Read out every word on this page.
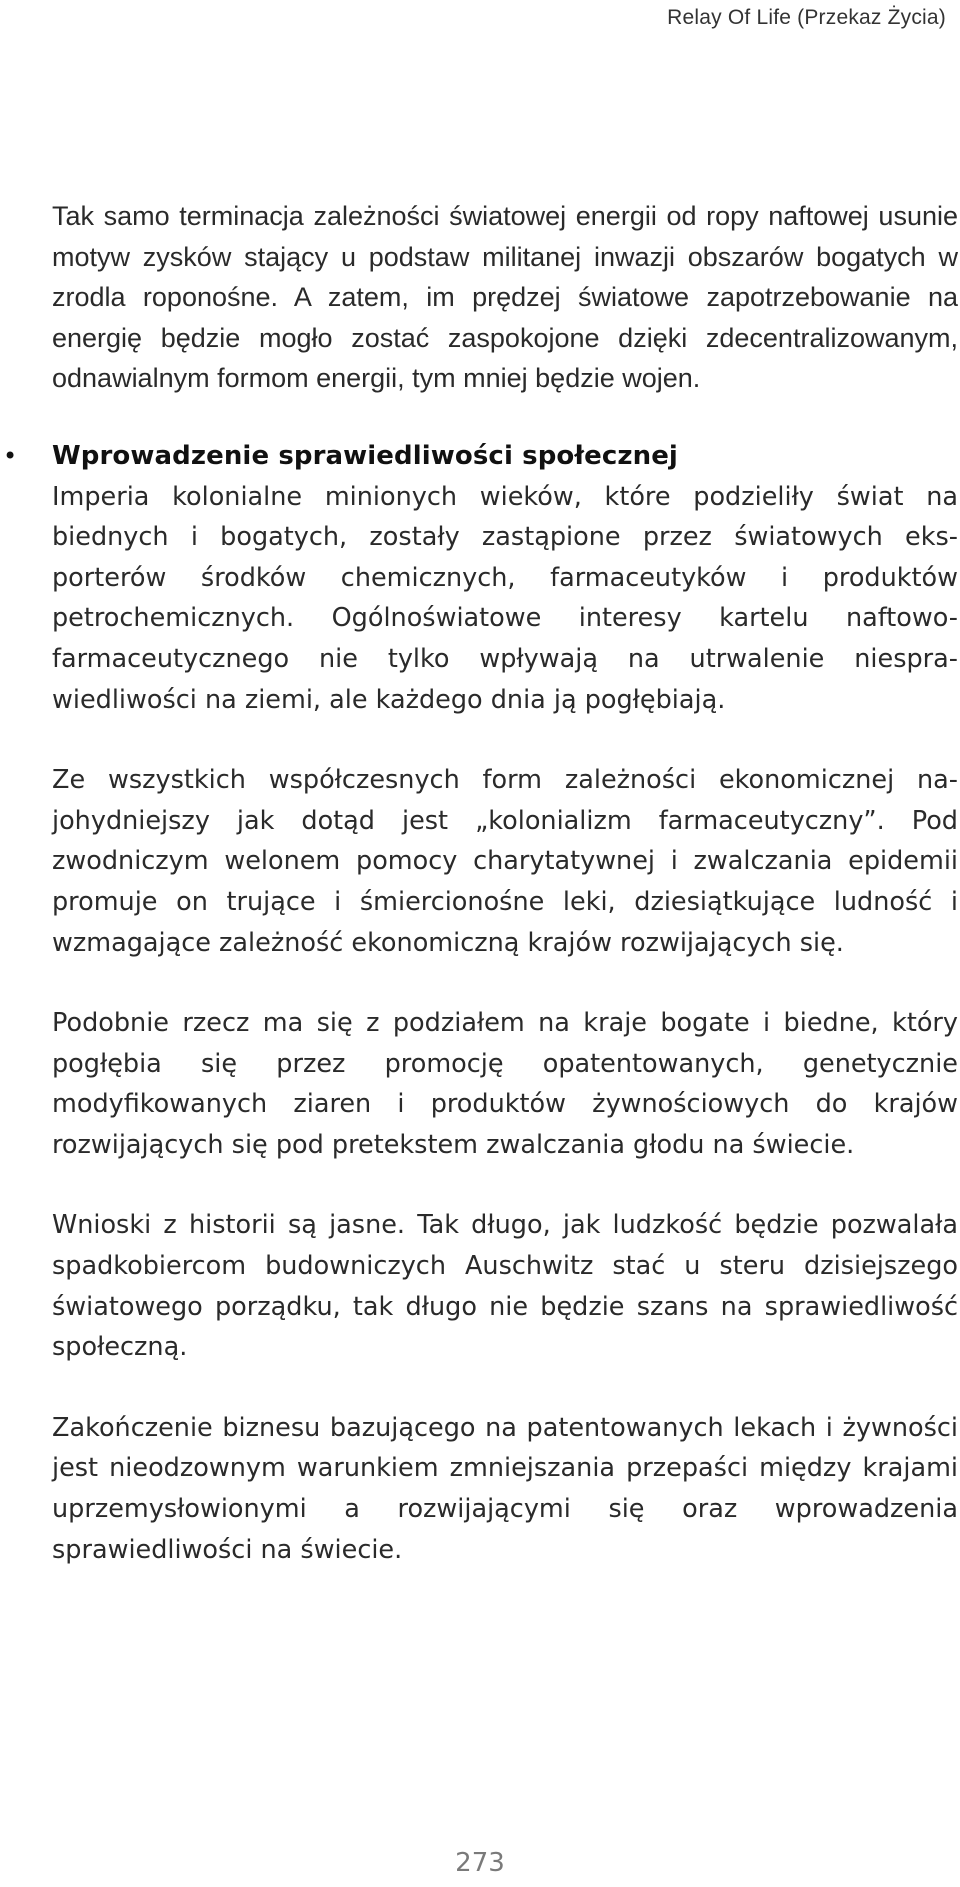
Relay Of Life (Przekaz Życia)

Tak samo terminacja zależności światowej energii od ropy naftowej usunie motyw zysków stający u podstaw militanej inwazji obszarów bogatych w zrodla roponośne. A zatem, im prędzej światowe zapotrzebowanie na energię będzie mogło zostać zaspokojone dzięki zdecentralizowanym, odnawialnym formom energii, tym mniej będzie wojen.

• Wprowadzenie sprawiedliwości społecznej

Imperia kolonialne minionych wieków, które podzieliły świat na biednych i bogatych, zostały zastąpione przez światowych eksporterów środków chemicznych, farmaceutyków i produktów petrochemicznych. Ogólnoświatowe interesy kartelu naftowo-farmaceutycznego nie tylko wpływają na utrwalenie niesprawiedliwości na ziemi, ale każdego dnia ją pogłębiają.

Ze wszystkich współczesnych form zależności ekonomicznej najohydniejszy jak dotąd jest „kolonializm farmaceutyczny”. Pod zwodniczym welonem pomocy charytatywnej i zwalczania epidemii promuje on trujące i śmiercionośne leki, dziesiątkujące ludność i wzmagające zależność ekonomiczną krajów rozwijających się.

Podobnie rzecz ma się z podziałem na kraje bogate i biedne, który pogłębia się przez promocję opatentowanych, genetycznie modyfikowanych ziaren i produktów żywnościowych do krajów rozwijających się pod pretekstem zwalczania głodu na świecie.

Wnioski z historii są jasne. Tak długo, jak ludzkość będzie pozwalała spadkobiercom budowniczych Auschwitz stać u steru dzisiejszego światowego porządku, tak długo nie będzie szans na sprawiedliwość społeczną.

Zakończenie biznesu bazującego na patentowanych lekach i żywności jest nieodzownym warunkiem zmniejszania przepaści między krajami uprzemysłowionymi a rozwijającymi się oraz wprowadzenia sprawiedliwości na świecie.

273
